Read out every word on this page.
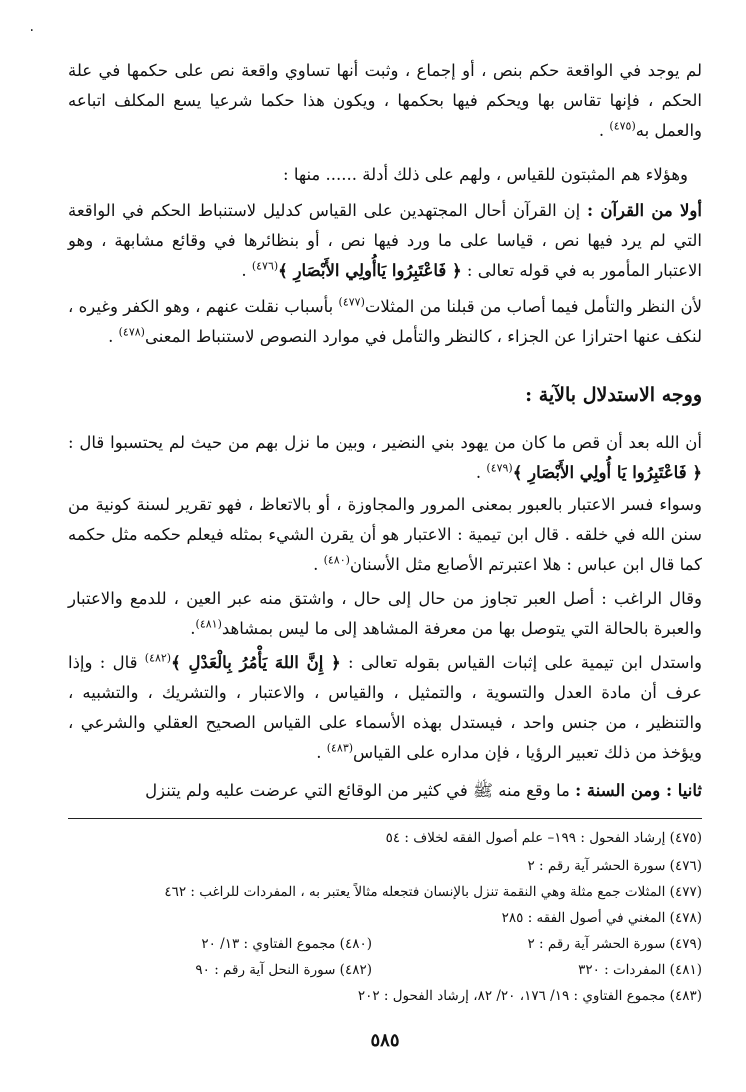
٠

لم يوجد في الواقعة حكم بنص ، أو إجماع ، وثبت أنها تساوي واقعة نص على حكمها في علة الحكم ، فإنها تقاس بها ويحكم فيها بحكمها ، ويكون هذا حكما شرعيا يسع المكلف اتباعه والعمل به$^{(٤٧٥)}$ .

وهؤلاء هم المثبتون للقياس ، ولهم على ذلك أدلة ...... منها :

أولا من القرآن : إن القرآن أحال المجتهدين على القياس كدليل لاستنباط الحكم في الواقعة التي لم يرد فيها نص ، قياسا على ما ورد فيها نص ، أو بنظائرها في وقائع مشابهة ، وهو الاعتبار المأمور به في قوله تعالى : ﴿ فَاعْتَبِرُوا يَاأُولِي الأَبْصَارِ ﴾$^{(٤٧٦)}$ .

لأن النظر والتأمل فيما أصاب من قبلنا من المثلات$^{(٤٧٧)}$ بأسباب نقلت عنهم ، وهو الكفر وغيره ، لنكف عنها احترازا عن الجزاء ، كالنظر والتأمل في موارد النصوص لاستنباط المعنى$^{(٤٧٨)}$ .

ووجه الاستدلال بالآية :

أن الله بعد أن قص ما كان من يهود بني النضير ، وبين ما نزل بهم من حيث لم يحتسبوا قال : ﴿ فَاعْتَبِرُوا يَا أُولِي الأَبْصَارِ ﴾$^{(٤٧٩)}$ .

وسواء فسر الاعتبار بالعبور بمعنى المرور والمجاوزة ، أو بالاتعاظ ، فهو تقرير لسنة كونية من سنن الله في خلقه . قال ابن تيمية : الاعتبار هو أن يقرن الشيء بمثله فيعلم حكمه مثل حكمه كما قال ابن عباس : هلا اعتبرتم الأصابع مثل الأسنان$^{(٤٨٠)}$ .

وقال الراغب : أصل العبر تجاوز من حال إلى حال ، واشتق منه عبر العين ، للدمع والاعتبار والعبرة بالحالة التي يتوصل بها من معرفة المشاهد إلى ما ليس بمشاهد$^{(٤٨١)}$.

واستدل ابن تيمية على إثبات القياس بقوله تعالى : ﴿ إِنَّ اللهَ يَأْمُرُ بِالْعَدْلِ ﴾$^{(٤٨٢)}$ قال : وإذا عرف أن مادة العدل والتسوية ، والتمثيل ، والقياس ، والاعتبار ، والتشريك ، والتشبيه ، والتنظير ، من جنس واحد ، فيستدل بهذه الأسماء على القياس الصحيح العقلي والشرعي ، ويؤخذ من ذلك تعبير الرؤيا ، فإن مداره على القياس$^{(٤٨٣)}$ .

ثانيا : ومن السنة : ما وقع منه ﷺ في كثير من الوقائع التي عرضت عليه ولم يتنزل

(٤٧٥) إرشاد الفحول : ١٩٩– علم أصول الفقه لخلاف : ٥٤
(٤٧٦) سورة الحشر آية رقم : ٢
(٤٧٧) المثلات جمع مثلة وهي النقمة تنزل بالإنسان فتجعله مثالاً يعتبر به ، المفردات للراغب : ٤٦٢
(٤٧٨) المغني في أصول الفقه : ٢٨٥
(٤٧٩) سورة الحشر آية رقم : ٢
(٤٨٠) مجموع الفتاوي : ١٣/ ٢٠
(٤٨١) المفردات : ٣٢٠
(٤٨٢) سورة النحل آية رقم : ٩٠
(٤٨٣) مجموع الفتاوي : ١٩/ ١٧٦، ٢٠/ ٨٢، إرشاد الفحول : ٢٠٢
٥٨٥
